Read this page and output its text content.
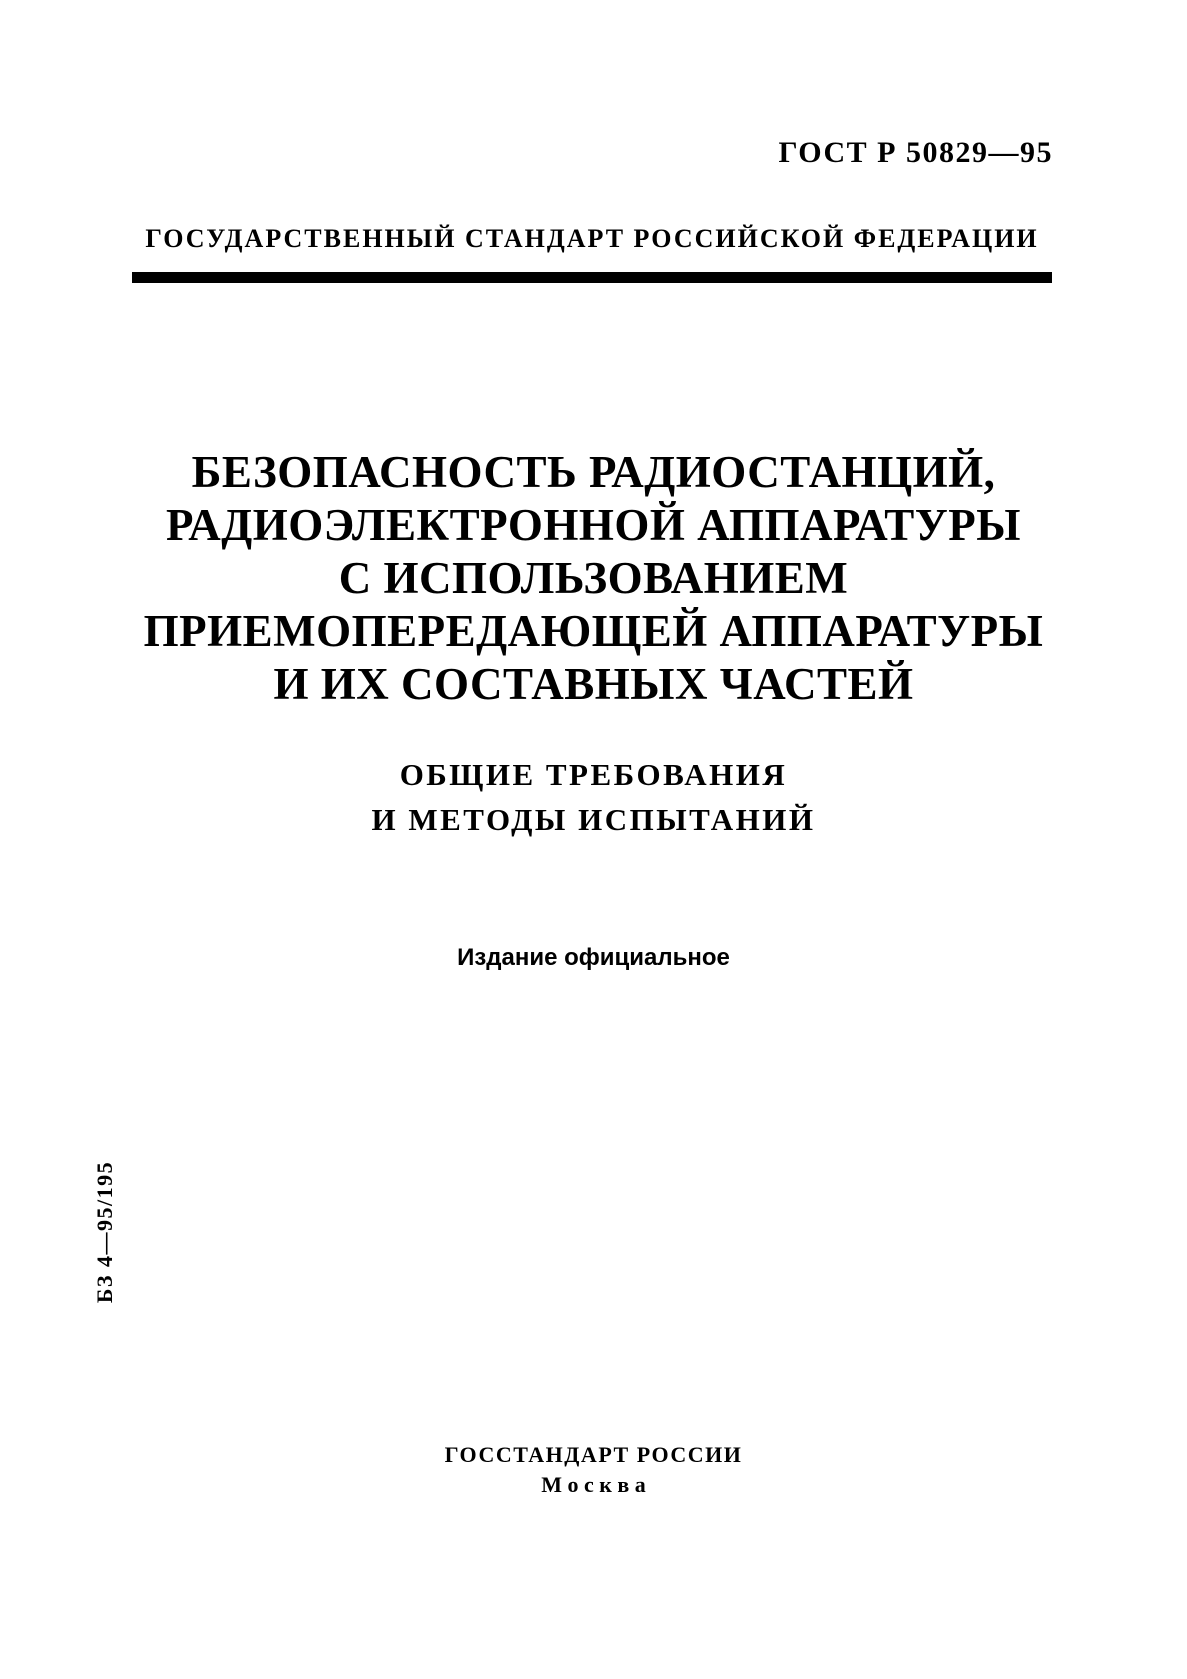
ГОСТ Р 50829—95
ГОСУДАРСТВЕННЫЙ СТАНДАРТ РОССИЙСКОЙ ФЕДЕРАЦИИ
БЕЗОПАСНОСТЬ РАДИОСТАНЦИЙ,
РАДИОЭЛЕКТРОННОЙ АППАРАТУРЫ
С ИСПОЛЬЗОВАНИЕМ
ПРИЕМОПЕРЕДАЮЩЕЙ АППАРАТУРЫ
И ИХ СОСТАВНЫХ ЧАСТЕЙ
ОБЩИЕ ТРЕБОВАНИЯ
И МЕТОДЫ ИСПЫТАНИЙ
Издание официальное
БЗ 4—95/195
ГОССТАНДАРТ РОССИИ
М о с к в а
